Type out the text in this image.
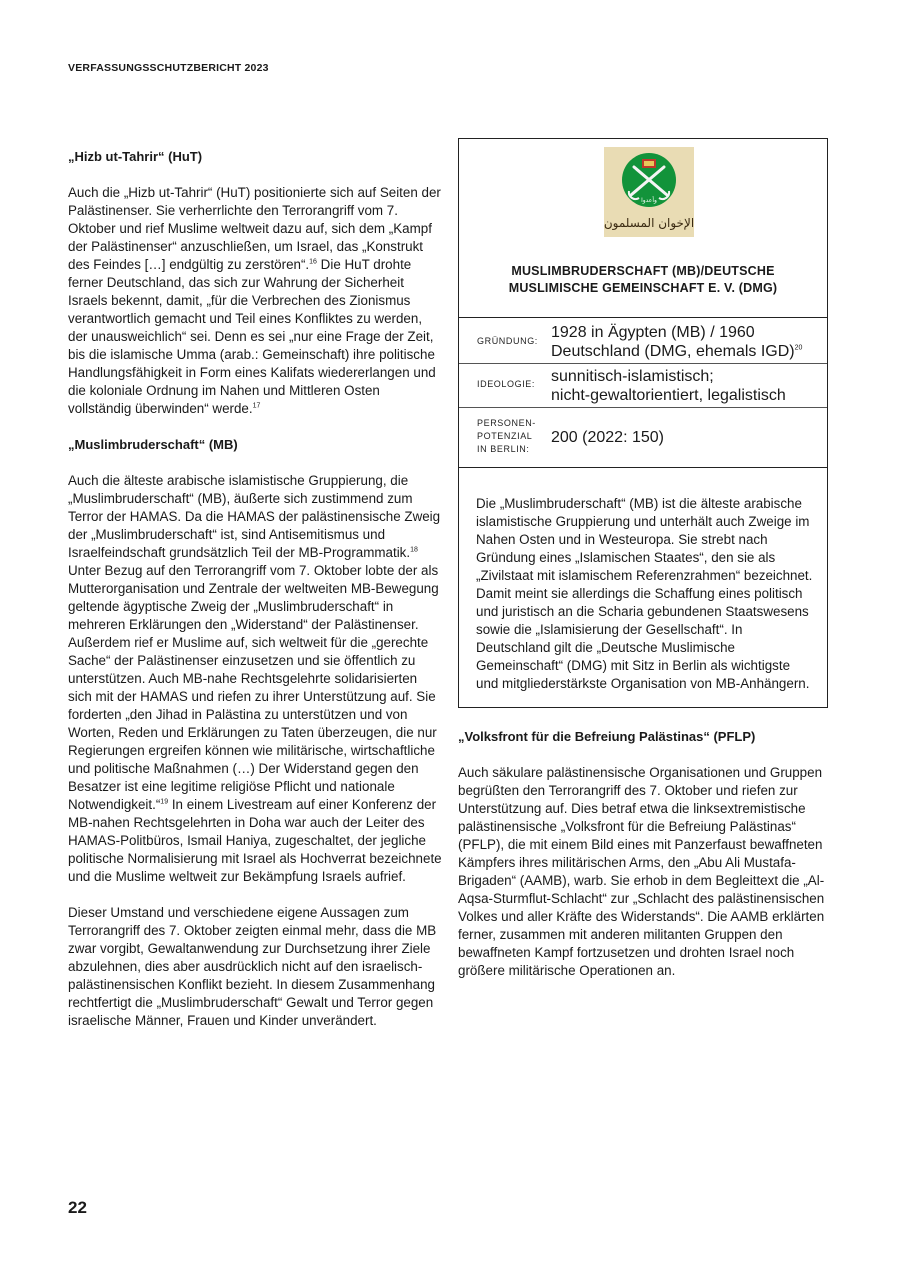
VERFASSUNGSSCHUTZBERICHT 2023
„Hizb ut-Tahrir“ (HuT)

Auch die „Hizb ut-Tahrir“ (HuT) positionierte sich auf Seiten der Palästinenser. Sie verherrlichte den Terrorangriff vom 7. Oktober und rief Muslime weltweit dazu auf, sich dem „Kampf der Palästinenser“ anzuschließen, um Israel, das „Konstrukt des Feindes […] endgültig zu zerstören“.$^{16}$ Die HuT drohte ferner Deutschland, das sich zur Wahrung der Sicherheit Israels bekennt, damit, „für die Verbrechen des Zionismus verantwortlich gemacht und Teil eines Konfliktes zu werden, der unausweichlich“ sei. Denn es sei „nur eine Frage der Zeit, bis die islamische Umma (arab.: Gemeinschaft) ihre politische Handlungsfähigkeit in Form eines Kalifats wiedererlangen und die koloniale Ordnung im Nahen und Mittleren Osten vollständig überwinden“ werde.$^{17}$

„Muslimbruderschaft“ (MB)

Auch die älteste arabische islamistische Gruppierung, die „Muslimbruderschaft“ (MB), äußerte sich zustimmend zum Terror der HAMAS. Da die HAMAS der palästinensische Zweig der „Muslimbruderschaft“ ist, sind Antisemitismus und Israelfeindschaft grundsätzlich Teil der MB-Programmatik.$^{18}$ Unter Bezug auf den Terrorangriff vom 7. Oktober lobte der als Mutterorganisation und Zentrale der weltweiten MB-Bewegung geltende ägyptische Zweig der „Muslimbruderschaft“ in mehreren Erklärungen den „Widerstand“ der Palästinenser. Außerdem rief er Muslime auf, sich weltweit für die „gerechte Sache“ der Palästinenser einzusetzen und sie öffentlich zu unterstützen. Auch MB-nahe Rechtsgelehrte solidarisierten sich mit der HAMAS und riefen zu ihrer Unterstützung auf. Sie forderten „den Jihad in Palästina zu unterstützen und von Worten, Reden und Erklärungen zu Taten überzeugen, die nur Regierungen ergreifen können wie militärische, wirtschaftliche und politische Maßnahmen (…) Der Widerstand gegen den Besatzer ist eine legitime religiöse Pflicht und nationale Notwendigkeit.“$^{19}$ In einem Livestream auf einer Konferenz der MB-nahen Rechtsgelehrten in Doha war auch der Leiter des HAMAS-Politbüros, Ismail Haniya, zugeschaltet, der jegliche politische Normalisierung mit Israel als Hochverrat bezeichnete und die Muslime weltweit zur Bekämpfung Israels aufrief.

Dieser Umstand und verschiedene eigene Aussagen zum Terrorangriff des 7. Oktober zeigten einmal mehr, dass die MB zwar vorgibt, Gewaltanwendung zur Durchsetzung ihrer Ziele abzulehnen, dies aber ausdrücklich nicht auf den israelisch-palästinensischen Konflikt bezieht. In diesem Zusammenhang rechtfertigt die „Muslimbruderschaft“ Gewalt und Terror gegen israelische Männer, Frauen und Kinder unverändert.

وأعدوا
الإخوان المسلمون
MUSLIMBRUDERSCHAFT (MB)/DEUTSCHE
MUSLIMISCHE GEMEINSCHAFT E. V. (DMG)
GRÜNDUNG: 1928 in Ägypten (MB) / 1960 Deutschland (DMG, ehemals IGD)$^{20}$
IDEOLOGIE: sunnitisch-islamistisch;
nicht-gewaltorientiert, legalistisch
PERSONEN-
POTENZIAL
IN BERLIN:
200 (2022: 150)
Die „Muslimbruderschaft“ (MB) ist die älteste arabische islamistische Gruppierung und unterhält auch Zweige im Nahen Osten und in Westeuropa. Sie strebt nach Gründung eines „Islamischen Staates“, den sie als „Zivilstaat mit islamischem Referenzrahmen“ bezeichnet. Damit meint sie allerdings die Schaffung eines politisch und juristisch an die Scharia gebundenen Staatswesens sowie die „Islamisierung der Gesellschaft“. In Deutschland gilt die „Deutsche Muslimische Gemeinschaft“ (DMG) mit Sitz in Berlin als wichtigste und mitgliederstärkste Organisation von MB-Anhängern.
„Volksfront für die Befreiung Palästinas“ (PFLP)

Auch säkulare palästinensische Organisationen und Gruppen begrüßten den Terrorangriff des 7. Oktober und riefen zur Unterstützung auf. Dies betraf etwa die linksextremistische palästinensische „Volksfront für die Befreiung Palästinas“ (PFLP), die mit einem Bild eines mit Panzerfaust bewaffneten Kämpfers ihres militärischen Arms, den „Abu Ali Mustafa-Brigaden“ (AAMB), warb. Sie erhob in dem Begleittext die „Al-Aqsa-Sturmflut-Schlacht“ zur „Schlacht des palästinensischen Volkes und aller Kräfte des Widerstands“. Die AAMB erklärten ferner, zusammen mit anderen militanten Gruppen den bewaffneten Kampf fortzusetzen und drohten Israel noch größere militärische Operationen an.

22
